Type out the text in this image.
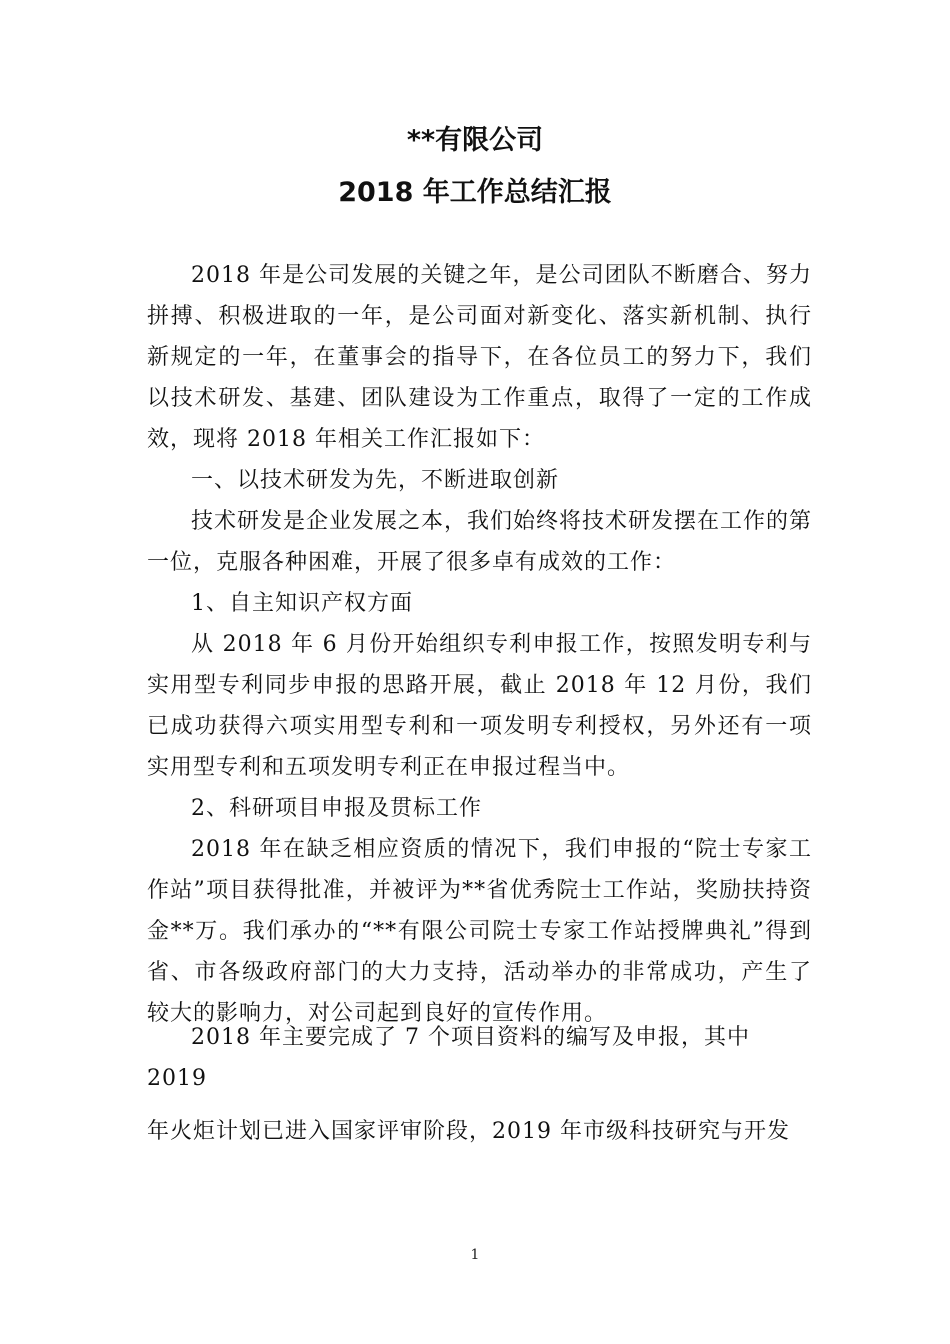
**有限公司
2018 年工作总结汇报

2018 年是公司发展的关键之年，是公司团队不断磨合、努力拼搏、积极进取的一年，是公司面对新变化、落实新机制、执行新规定的一年，在董事会的指导下，在各位员工的努力下，我们以技术研发、基建、团队建设为工作重点，取得了一定的工作成效，现将 2018 年相关工作汇报如下：

一、以技术研发为先，不断进取创新

技术研发是企业发展之本，我们始终将技术研发摆在工作的第一位，克服各种困难，开展了很多卓有成效的工作：

1、自主知识产权方面

从 2018 年 6 月份开始组织专利申报工作，按照发明专利与实用型专利同步申报的思路开展，截止 2018 年 12 月份，我们已成功获得六项实用型专利和一项发明专利授权，另外还有一项实用型专利和五项发明专利正在申报过程当中。

2、科研项目申报及贯标工作

2018 年在缺乏相应资质的情况下，我们申报的“院士专家工作站”项目获得批准，并被评为**省优秀院士工作站，奖励扶持资金**万。我们承办的“**有限公司院士专家工作站授牌典礼”得到省、市各级政府部门的大力支持，活动举办的非常成功，产生了较大的影响力，对公司起到良好的宣传作用。

2018 年主要完成了 7 个项目资料的编写及申报，其中 2019

年火炬计划已进入国家评审阶段，2019 年市级科技研究与开发

1
